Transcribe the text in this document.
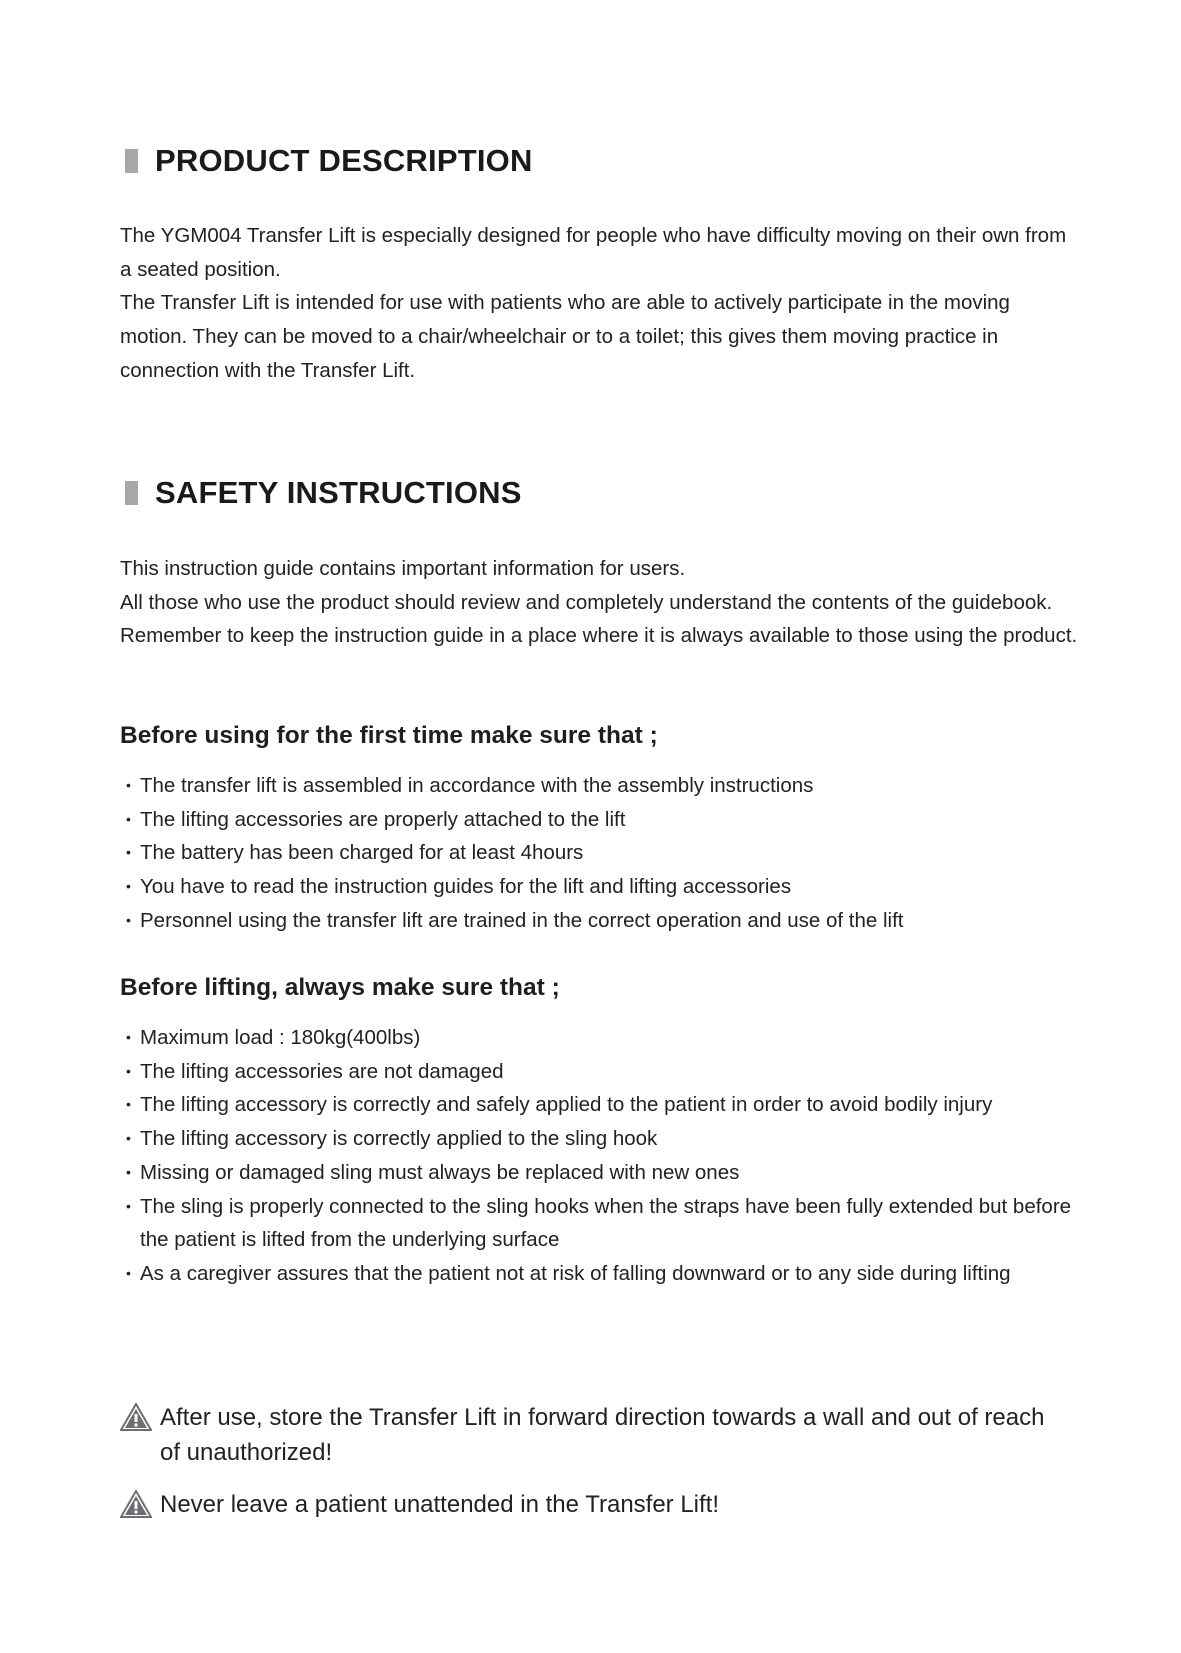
PRODUCT DESCRIPTION

The YGM004 Transfer Lift is especially designed for people who have difficulty moving on their own from a seated position.

The Transfer Lift is intended for use with patients who are able to actively participate in the moving motion. They can be moved to a chair/wheelchair or to a toilet; this gives them moving practice in connection with the Transfer Lift.

SAFETY INSTRUCTIONS

This instruction guide contains important information for users.

All those who use the product should review and completely understand the contents of the guidebook. Remember to keep the instruction guide in a place where it is always available to those using the product.

Before using for the first time make sure that ;
• The transfer lift is assembled in accordance with the assembly instructions
• The lifting accessories are properly attached to the lift
• The battery has been charged for at least 4hours
• You have to read the instruction guides for the lift and lifting accessories
• Personnel using the transfer lift are trained in the correct operation and use of the lift
Before lifting, always make sure that ;
• Maximum load : 180kg(400lbs)
• The lifting accessories are not damaged
• The lifting accessory is correctly and safely applied to the patient in order to avoid bodily injury
• The lifting accessory is correctly applied to the sling hook
• Missing or damaged sling must always be replaced with new ones
• The sling is properly connected to the sling hooks when the straps have been fully extended but before the patient is lifted from the underlying surface
• As a caregiver assures that the patient not at risk of falling downward or to any side during lifting
After use, store the Transfer Lift in forward direction towards a wall and out of reach of unauthorized!
Never leave a patient unattended in the Transfer Lift!
